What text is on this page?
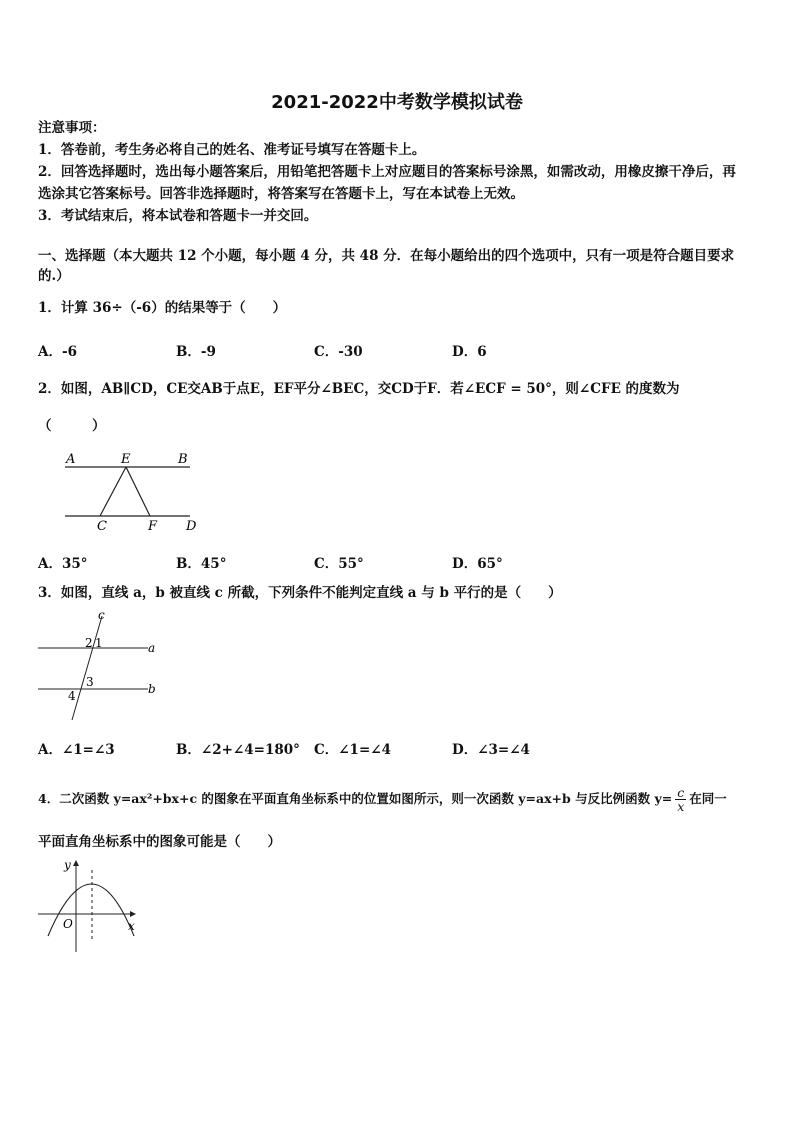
2021-2022中考数学模拟试卷
注意事项：
1．答卷前，考生务必将自己的姓名、准考证号填写在答题卡上。
2．回答选择题时，选出每小题答案后，用铅笔把答题卡上对应题目的答案标号涂黑，如需改动，用橡皮擦干净后，再
选涂其它答案标号。回答非选择题时，将答案写在答题卡上，写在本试卷上无效。
3．考试结束后，将本试卷和答题卡一并交回。
一、选择题（本大题共 12 个小题，每小题 4 分，共 48 分．在每小题给出的四个选项中，只有一项是符合题目要求
的.）
1．计算 36÷（-6）的结果等于（　　）
A．-6	B．-9	C．-30	D．6
2．如图，AB∥CD，CE交AB于点E，EF平分∠BEC，交CD于F．若∠ECF = 50°，则∠CFE 的度数为
（　　　）
A	E	B
C	F D
A．35°	B．45°	C．55°	D．65°
3．如图，直线 a，b 被直线 c 所截，下列条件不能判定直线 a 与 b 平行的是（　　）
c
2 1	a
3	b
4
A．∠1=∠3	B．∠2+∠4=180° C．∠1=∠4	D．∠3=∠4
4．二次函数 y=ax²+bx+c 的图象在平面直角坐标系中的位置如图所示，则一次函数 y=ax+b 与反比例函数 $y= \frac{c}{x}$ 在同一
平面直角坐标系中的图象可能是（　　）
y
O	x
